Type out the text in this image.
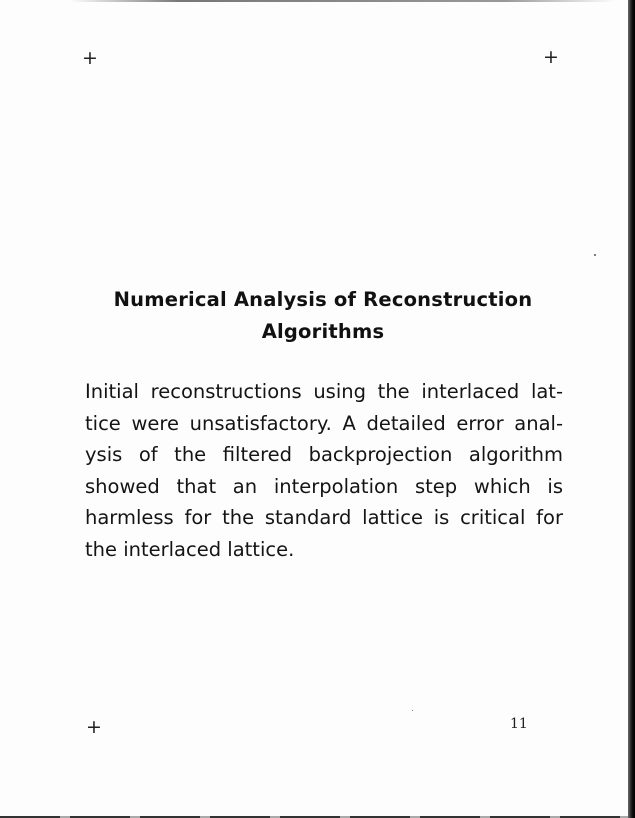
+	+
+
Numerical Analysis of Reconstruction
Algorithms
Initial reconstructions using the interlaced lat-
tice were unsatisfactory. A detailed error anal-
ysis of the filtered backprojection algorithm
showed that an interpolation step which is
harmless for the standard lattice is critical for
the interlaced lattice.
11
